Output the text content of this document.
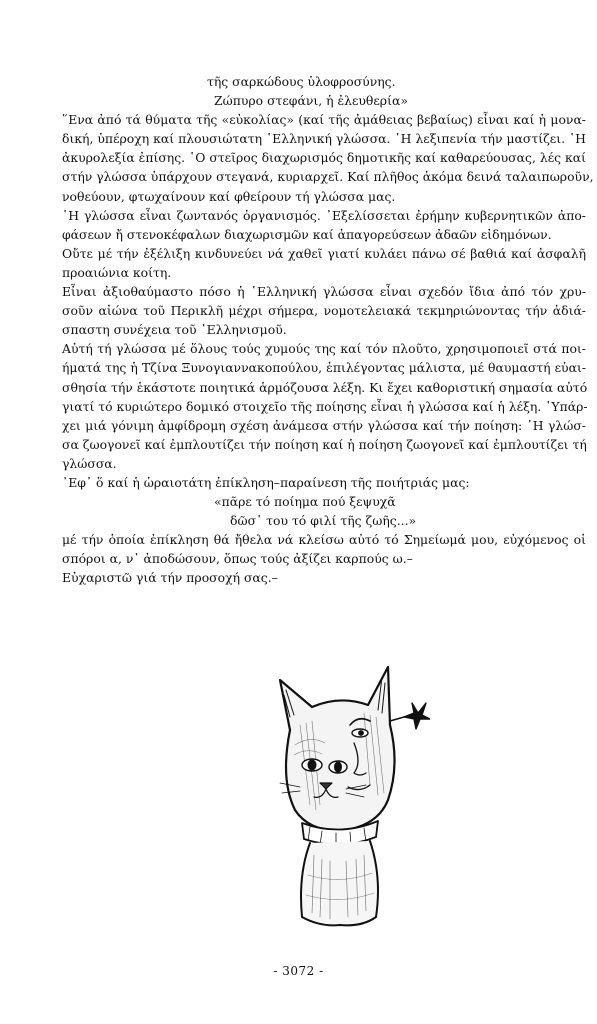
τῆς σαρκώδους ὑλοφροσύνης.
Ζώπυρο στεφάνι, ἡ ἐλευθερία»

῞Ενα ἀπό τά θύματα τῆς «εὐκολίας» (καί τῆς ἀμάθειας βεβαίως) εἶναι καί ἡ μονα-
δική, ὑπέροχη καί πλουσιώτατη ῾Ελληνική γλώσσα. ῾Η λεξιπενία τήν μαστίζει. ῾Η
ἀκυρολεξία ἐπίσης. ῾Ο στεῖρος διαχωρισμός δημοτικῆς καί καθαρεύουσας, λές καί
στήν γλώσσα ὑπάρχουν στεγανά, κυριαρχεῖ. Καί πλῆθος ἀκόμα δεινά ταλαιπωροῦν,
νοθεύουν, φτωχαίνουν καί φθείρουν τή γλώσσα μας.

῾Η γλώσσα εἶναι ζωντανός ὀργανισμός. ᾿Εξελίσσεται ἐρήμην κυβερνητικῶν ἀπο-
φάσεων ἤ στενοκέφαλων διαχωρισμῶν καί ἀπαγορεύσεων ἀδαῶν εἰδημόνων.

Οὔτε μέ τήν ἐξέλιξη κινδυνεύει νά χαθεῖ γιατί κυλάει πάνω σέ βαθιά καί ἀσφαλῆ
προαιώνια κοίτη.

Εἶναι ἀξιοθαύμαστο πόσο ἡ ῾Ελληνική γλώσσα εἶναι σχεδόν ἴδια ἀπό τόν χρυ-
σοῦν αἰώνα τοῦ Περικλῆ μέχρι σήμερα, νομοτελειακά τεκμηριώνοντας τήν ἀδιά-
σπαστη συνέχεια τοῦ ῾Ελληνισμοῦ.

Αὐτή τή γλώσσα μέ ὅλους τούς χυμούς της καί τόν πλοῦτο, χρησιμοποιεῖ στά ποι-
ήματά της ἡ Τζίνα Ξυνογιαννακοπούλου, ἐπιλέγοντας μάλιστα, μέ θαυμαστή εὐαι-
σθησία τήν ἑκάστοτε ποιητικά ἁρμόζουσα λέξη. Κι ἔχει καθοριστική σημασία αὐτό
γιατί τό κυριώτερο δομικό στοιχεῖο τῆς ποίησης εἶναι ἡ γλώσσα καί ἡ λέξη. ῾Υπάρ-
χει μιά γόνιμη ἀμφίδρομη σχέση ἀνάμεσα στήν γλώσσα καί τήν ποίηση: ῾Η γλώσ-
σα ζωογονεῖ καί ἐμπλουτίζει τήν ποίηση καί ἡ ποίηση ζωογονεῖ καί ἐμπλουτίζει τή
γλώσσα.

᾿Εφ᾿ ὅ καί ἡ ὡραιοτάτη ἐπίκληση–παραίνεση τῆς ποιήτριάς μας:

«πᾶρε τό ποίημα πού ξεψυχᾶ
δῶσ᾿ του τό φιλί τῆς ζωῆς...»

μέ τήν ὁποία ἐπίκληση θά ἤθελα νά κλείσω αὐτό τό Σημείωμά μου, εὐχόμενος οἱ
σπόροι α, ν᾿ ἀποδώσουν, ὅπως τούς ἀξίζει καρπούς ω.–

Εὐχαριστῶ γιά τήν προσοχή σας.–

- 3072 -
